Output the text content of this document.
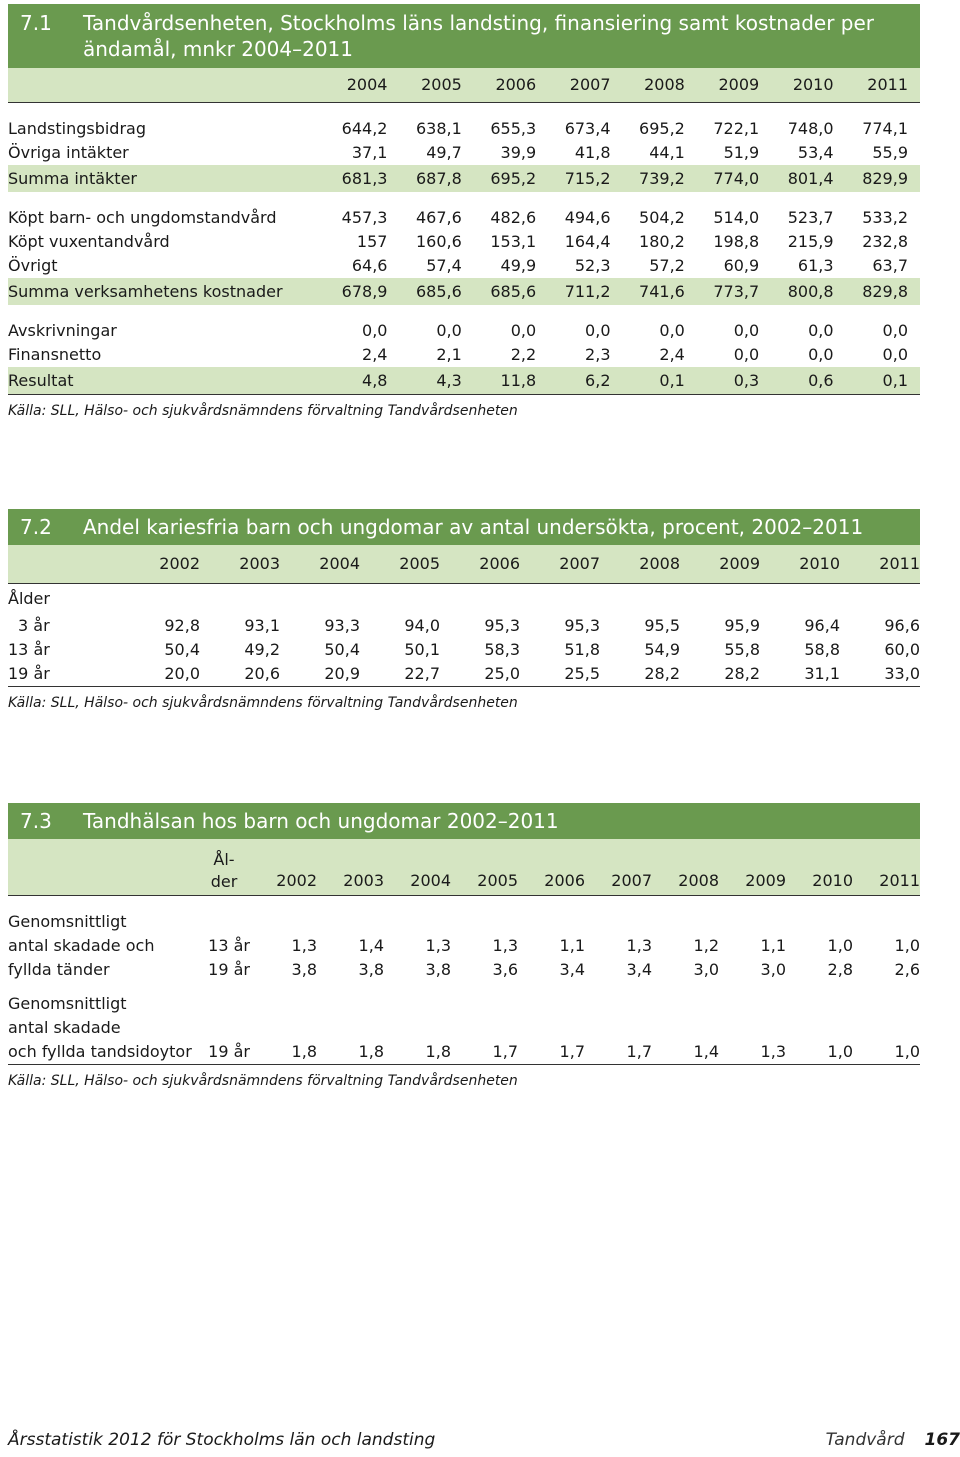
7.1	Tandvårdsenheten, Stockholms läns landsting, finansiering samt kostnader per ändamål, mnkr 2004–2011
	2004	2005	2006	2007	2008	2009	2010	2011

Landstingsbidrag	644,2	638,1	655,3	673,4	695,2	722,1	748,0	774,1
Övriga intäkter	37,1	49,7	39,9	41,8	44,1	51,9	53,4	55,9
Summa intäkter	681,3	687,8	695,2	715,2	739,2	774,0	801,4	829,9

Köpt barn- och ungdomstandvård	457,3	467,6	482,6	494,6	504,2	514,0	523,7	533,2
Köpt vuxentandvård	157	160,6	153,1	164,4	180,2	198,8	215,9	232,8
Övrigt	64,6	57,4	49,9	52,3	57,2	60,9	61,3	63,7
Summa verksamhetens kostnader	678,9	685,6	685,6	711,2	741,6	773,7	800,8	829,8

Avskrivningar	0,0	0,0	0,0	0,0	0,0	0,0	0,0	0,0
Finansnetto	2,4	2,1	2,2	2,3	2,4	0,0	0,0	0,0
Resultat	4,8	4,3	11,8	6,2	0,1	0,3	0,6	0,1
Källa: SLL, Hälso- och sjukvårdsnämndens förvaltning Tandvårdsenheten
7.2	Andel kariesfria barn och ungdomar av antal undersökta, procent, 2002–2011
	2002	2003	2004	2005	2006	2007	2008	2009	2010	2011
Ålder										
3 år	92,8	93,1	93,3	94,0	95,3	95,3	95,5	95,9	96,4	96,6
13 år	50,4	49,2	50,4	50,1	58,3	51,8	54,9	55,8	58,8	60,0
19 år	20,0	20,6	20,9	22,7	25,0	25,5	28,2	28,2	31,1	33,0
Källa: SLL, Hälso- och sjukvårdsnämndens förvaltning Tandvårdsenheten
7.3	Tandhälsan hos barn och ungdomar 2002–2011

	Ål-
der	2002	2003	2004	2005	2006	2007	2008	2009	2010	2011

Genomsnittligt											
antal skadade och	13 år	1,3	1,4	1,3	1,3	1,1	1,3	1,2	1,1	1,0	1,0
fyllda tänder	19 år	3,8	3,8	3,8	3,6	3,4	3,4	3,0	3,0	2,8	2,6

Genomsnittligt											
antal skadade											
och fyllda tandsidoytor	19 år	1,8	1,8	1,8	1,7	1,7	1,7	1,4	1,3	1,0	1,0
Källa: SLL, Hälso- och sjukvårdsnämndens förvaltning Tandvårdsenheten
Årsstatistik 2012 för Stockholms län och landsting	Tandvård 167
